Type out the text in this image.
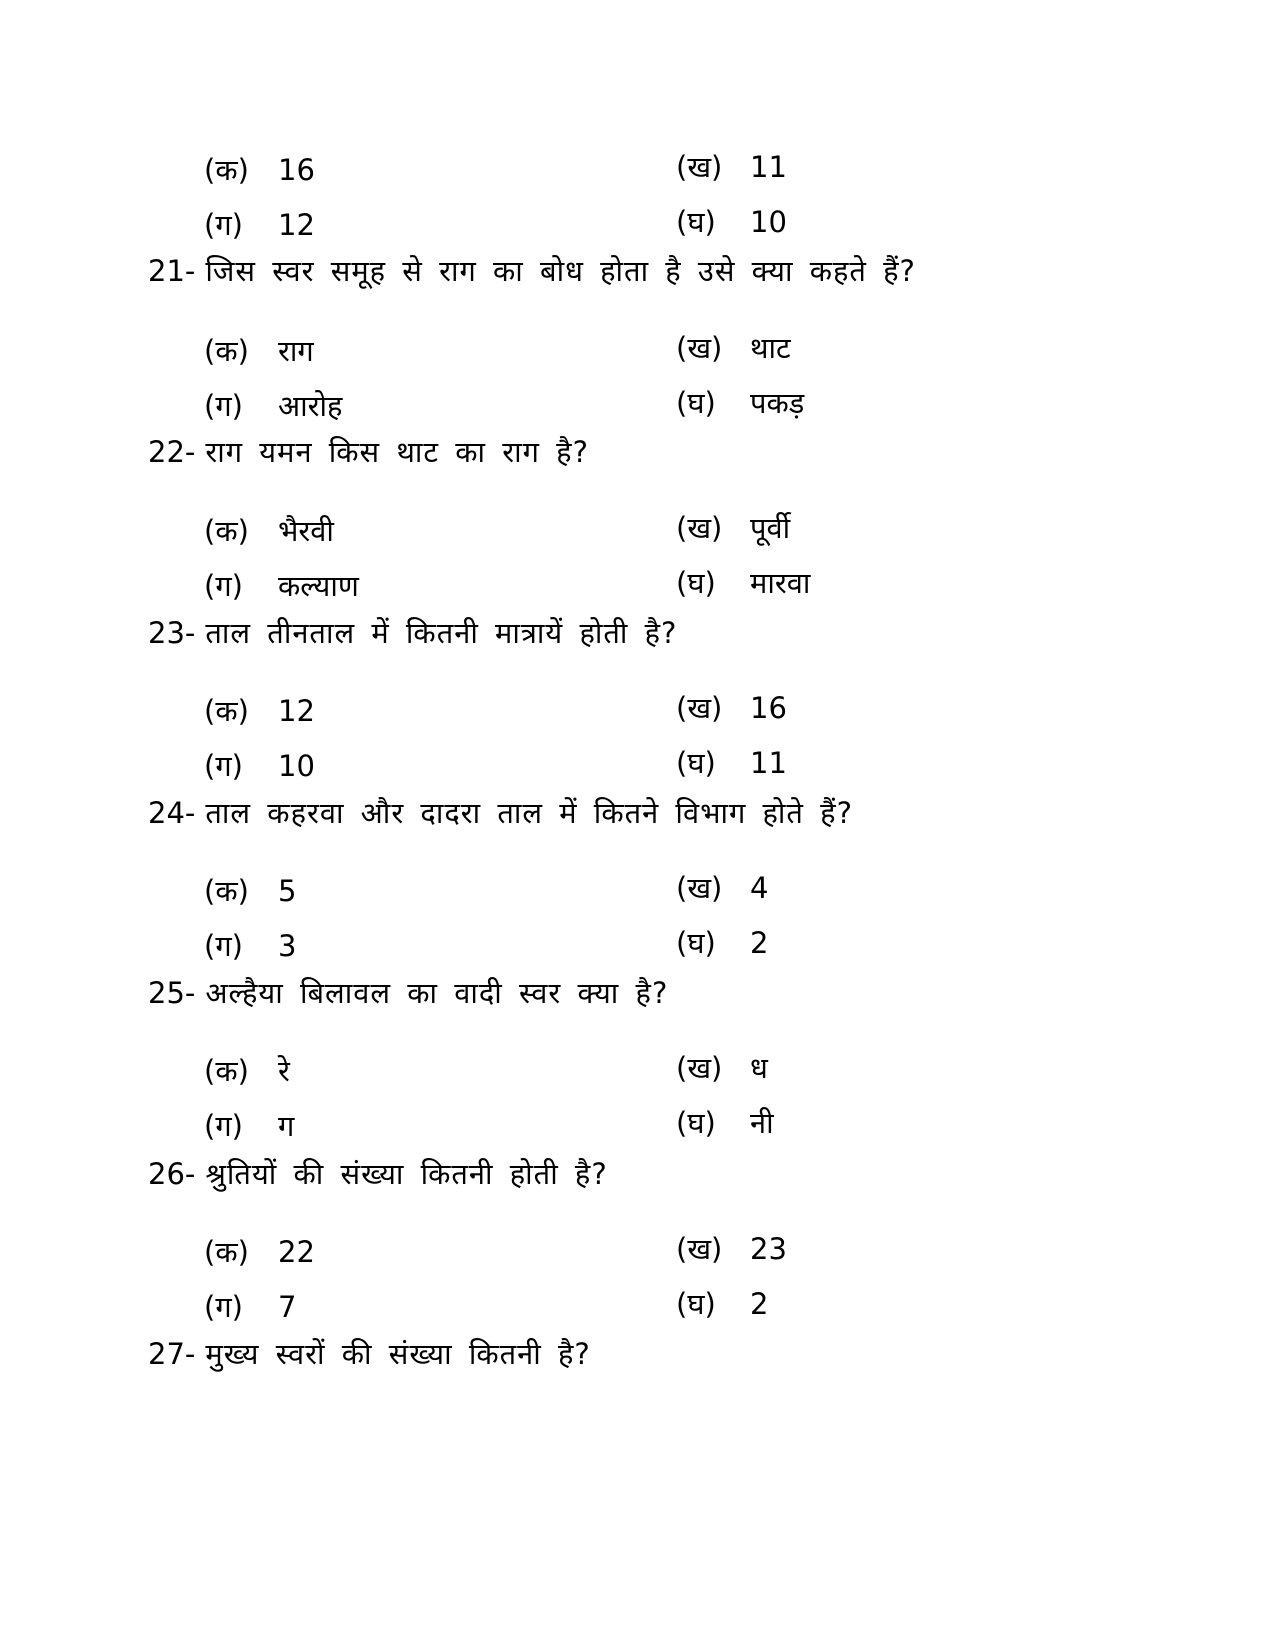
(क) 16	(ख) 11
(ग) 12	(घ) 10
21- जिस स्वर समूह से राग का बोध होता है उसे क्या कहते हैं?
(क) राग	(ख) थाट
(ग) आरोह	(घ) पकड़
22- राग यमन किस थाट का राग है?
(क) भैरवी	(ख) पूर्वी
(ग) कल्याण	(घ) मारवा
23- ताल तीनताल में कितनी मात्रायें होती है?
(क) 12	(ख) 16
(ग) 10	(घ) 11
24- ताल कहरवा और दादरा ताल में कितने विभाग होते हैं?
(क) 5	(ख) 4
(ग) 3	(घ) 2
25- अल्हैया बिलावल का वादी स्वर क्या है?
(क) रे	(ख) ध
(ग) ग	(घ) नी
26- श्रुतियों की संख्या कितनी होती है?
(क) 22	(ख) 23
(ग) 7	(घ) 2
27- मुख्य स्वरों की संख्या कितनी है?
